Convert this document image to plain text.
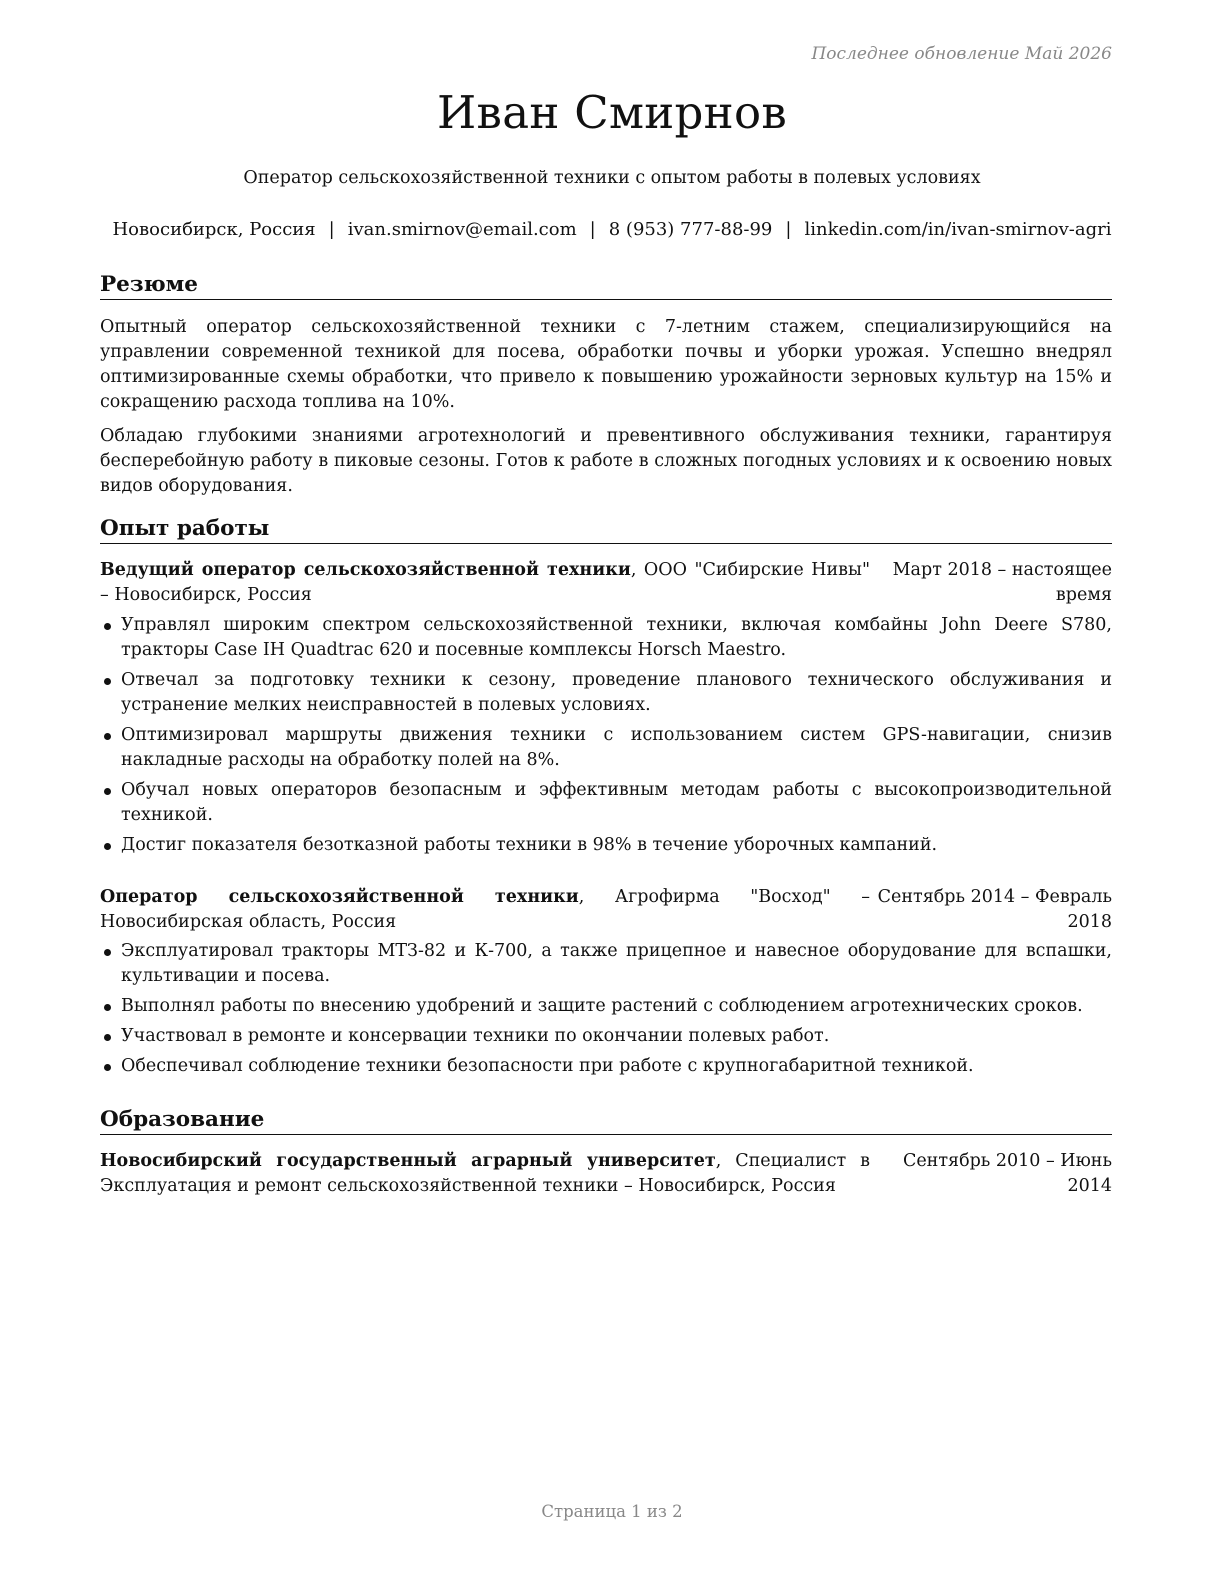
Последнее обновление Май 2026
Иван Смирнов
Оператор сельскохозяйственной техники с опытом работы в полевых условиях
Новосибирск, Россия | ivan.smirnov@email.com | 8 (953) 777-88-99 | linkedin.com/in/ivan-smirnov-agri
Резюме

Опытный оператор сельскохозяйственной техники с 7-летним стажем, специализирующийся на управлении современной техникой для посева, обработки почвы и уборки урожая. Успешно внедрял оптимизированные схемы обработки, что привело к повышению урожайности зерновых культур на 15% и сокращению расхода топлива на 10%.

Обладаю глубокими знаниями агротехнологий и превентивного обслуживания техники, гарантируя бесперебойную работу в пиковые сезоны. Готов к работе в сложных погодных условиях и к освоению новых видов оборудования.

Опыт работы
Ведущий оператор сельскохозяйственной техники, ООО "Сибирские Нивы" – Новосибирск, Россия
Март 2018 – настоящее время
Управлял широким спектром сельскохозяйственной техники, включая комбайны John Deere S780, тракторы Case IH Quadtrac 620 и посевные комплексы Horsch Maestro.
Отвечал за подготовку техники к сезону, проведение планового технического обслуживания и устранение мелких неисправностей в полевых условиях.
Оптимизировал маршруты движения техники с использованием систем GPS-навигации, снизив накладные расходы на обработку полей на 8%.
Обучал новых операторов безопасным и эффективным методам работы с высокопроизводительной техникой.
Достиг показателя безотказной работы техники в 98% в течение уборочных кампаний.
Оператор сельскохозяйственной техники, Агрофирма "Восход" – Новосибирская область, Россия
Сентябрь 2014 – Февраль 2018
Эксплуатировал тракторы МТЗ-82 и К-700, а также прицепное и навесное оборудование для вспашки, культивации и посева.
Выполнял работы по внесению удобрений и защите растений с соблюдением агротехнических сроков.
Участвовал в ремонте и консервации техники по окончании полевых работ.
Обеспечивал соблюдение техники безопасности при работе с крупногабаритной техникой.
Образование
Новосибирский государственный аграрный университет, Специалист в Эксплуатация и ремонт сельскохозяйственной техники – Новосибирск, Россия
Сентябрь 2010 – Июнь 2014
Страница 1 из 2
